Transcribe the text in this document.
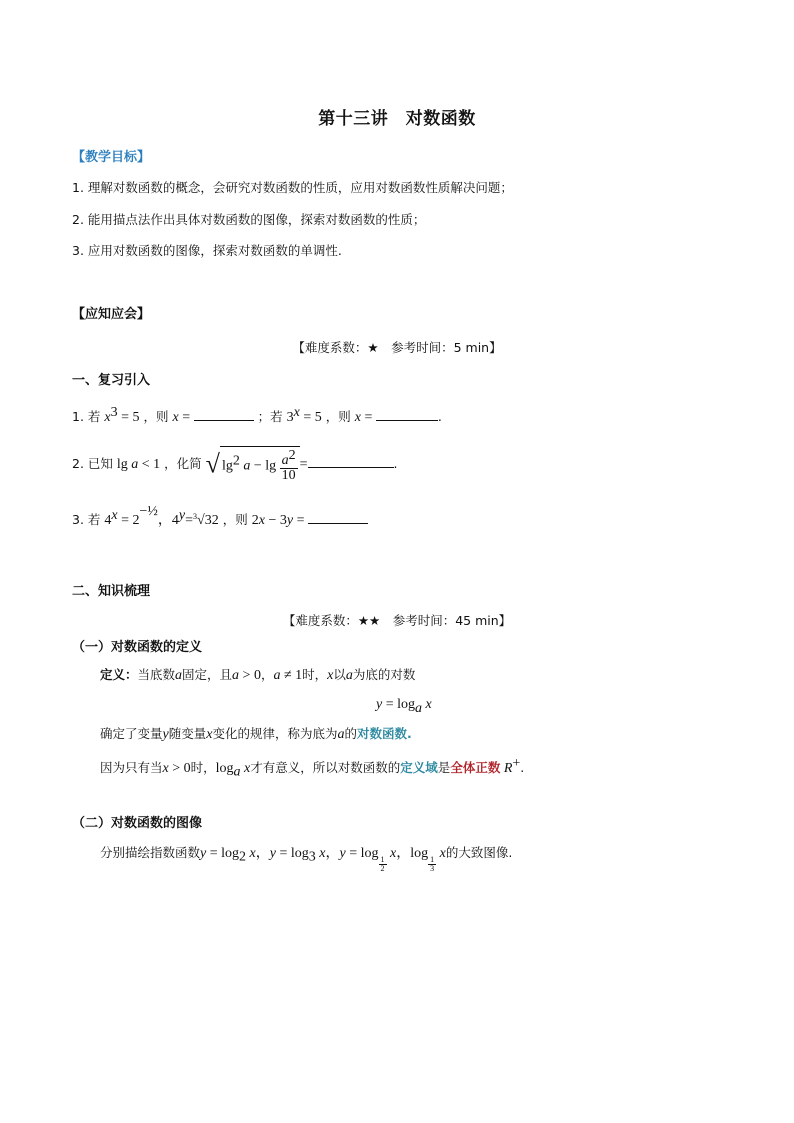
第十三讲　对数函数
【教学目标】
1. 理解对数函数的概念，会研究对数函数的性质，应用对数函数性质解决问题；
2. 能用描点法作出具体对数函数的图像，探索对数函数的性质；
3. 应用对数函数的图像，探索对数函数的单调性.
【应知应会】
【难度系数：★　参考时间：5 min】
一、复习引入
1. 若 $x^3 = 5$ ，则 x =	；若 $3^x = 5$ ，则 x =	.
2. 已知 lg a < 1 ，化简 √ $\lg^2 a - \lg \frac{a^2}{10}$ =	.
3. 若 $4^x = 2^{-\frac{1}{2}}$，$4^y=^3√32$ ，则 2x − 3y =
二、知识梳理
【难度系数：★★　参考时间：45 min】
（一）对数函数的定义
定义：当底数a固定，且a > 0，a ≠ 1时，x以a为底的对数
$y = \log_a x$
确定了变量y随变量x变化的规律，称为底为a的对数函数.
因为只有当x > 0时，$\log_a x$才有意义，所以对数函数的定义域是全体正数 R+.
（二）对数函数的图像
分别描绘指数函数$y = \log_2 x$，$y = \log_3 x$，y = log
$_{\frac{1}{2}}$
x，log
$_{\frac{1}{3}}$
x的大致图像.
